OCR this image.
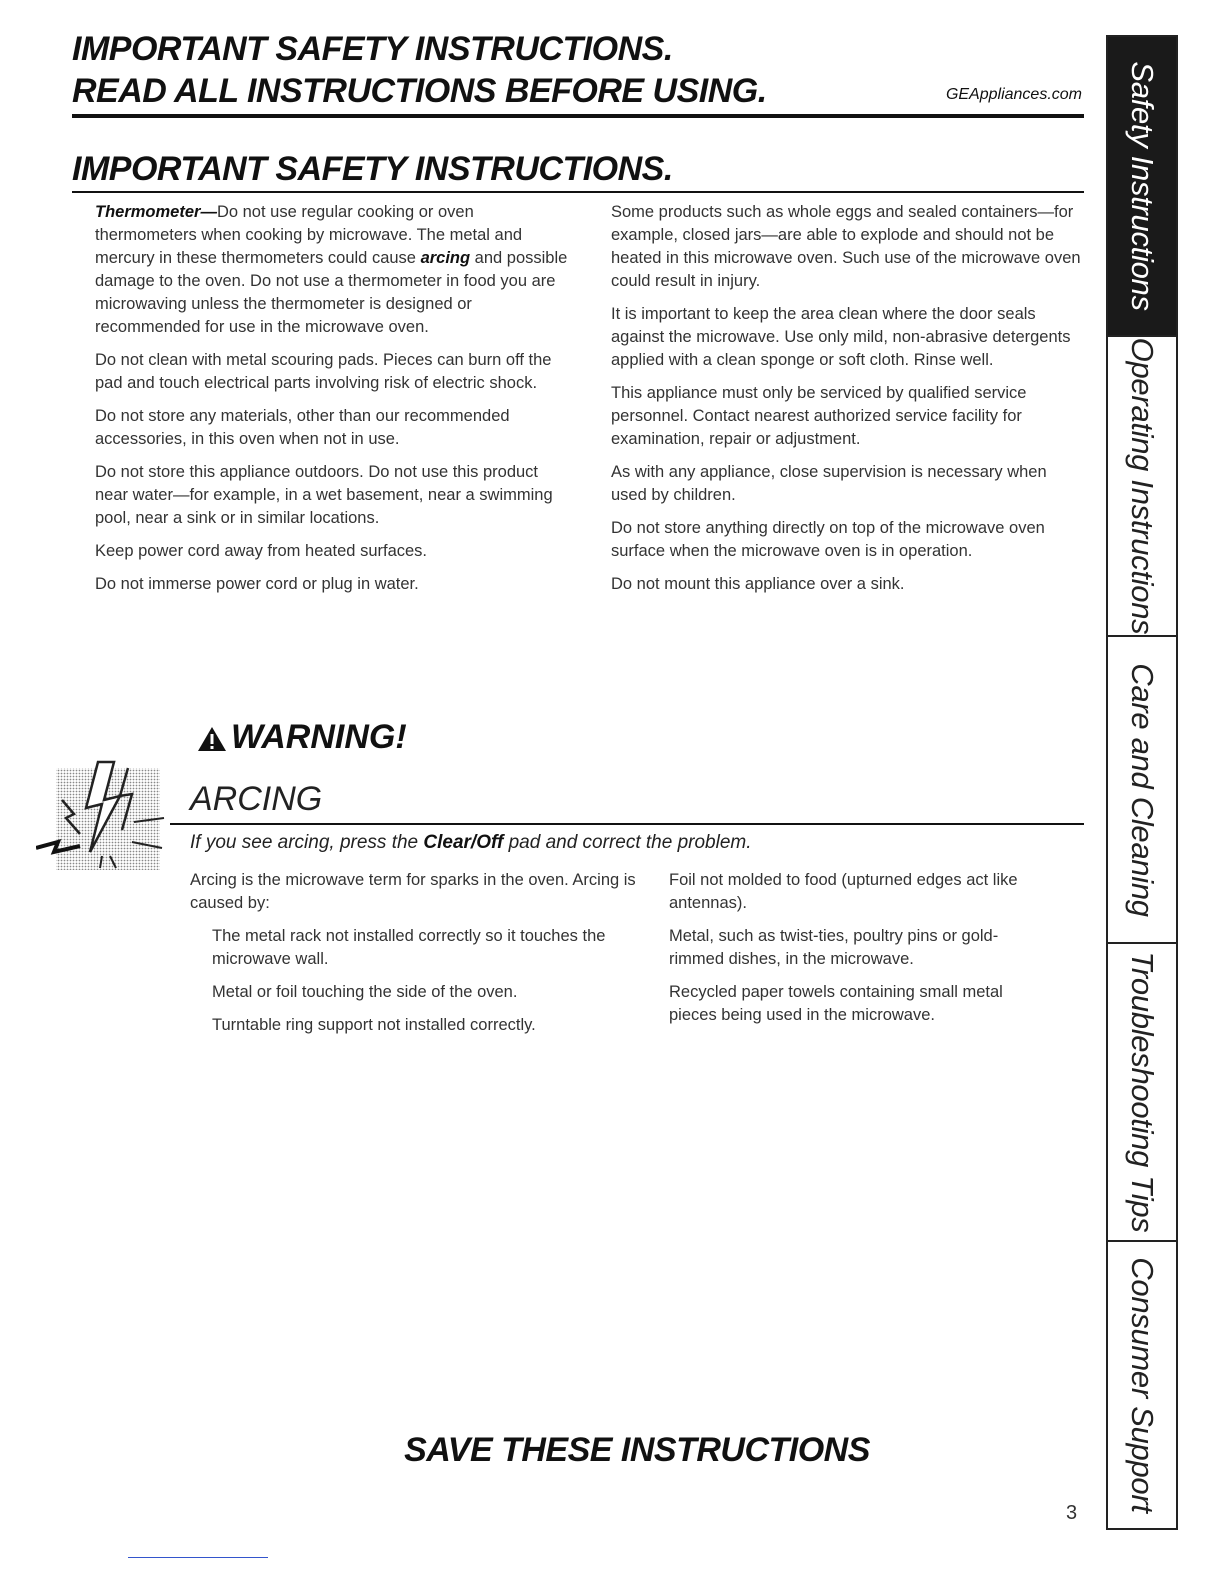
IMPORTANT SAFETY INSTRUCTIONS.
READ ALL INSTRUCTIONS BEFORE USING.	GEAppliances.com
IMPORTANT SAFETY INSTRUCTIONS.

Thermometer—Do not use regular cooking or oven thermometers when cooking by microwave. The metal and mercury in these thermometers could cause arcing and possible damage to the oven. Do not use a thermometer in food you are microwaving unless the thermometer is designed or recommended for use in the microwave oven.

Do not clean with metal scouring pads. Pieces can burn off the pad and touch electrical parts involving risk of electric shock.

Do not store any materials, other than our recommended accessories, in this oven when not in use.

Do not store this appliance outdoors. Do not use this product near water—for example, in a wet basement, near a swimming pool, near a sink or in similar locations.

Keep power cord away from heated surfaces.

Do not immerse power cord or plug in water.

Some products such as whole eggs and sealed containers—for example, closed jars—are able to explode and should not be heated in this microwave oven. Such use of the microwave oven could result in injury.

It is important to keep the area clean where the door seals against the microwave. Use only mild, non-abrasive detergents applied with a clean sponge or soft cloth. Rinse well.

This appliance must only be serviced by qualified service personnel. Contact nearest authorized service facility for examination, repair or adjustment.

As with any appliance, close supervision is necessary when used by children.

Do not store anything directly on top of the microwave oven surface when the microwave oven is in operation.

Do not mount this appliance over a sink.

WARNING!
ARCING
If you see arcing, press the Clear/Off pad and correct the problem.

Arcing is the microwave term for sparks in the oven. Arcing is caused by:

The metal rack not installed correctly so it touches the microwave wall.

Metal or foil touching the side of the oven.

Turntable ring support not installed correctly.

Foil not molded to food (upturned edges act like antennas).

Metal, such as twist-ties, poultry pins or gold-rimmed dishes, in the microwave.

Recycled paper towels containing small metal pieces being used in the microwave.

SAVE THESE INSTRUCTIONS
3
Safety Instructions
Operating Instructions
Care and Cleaning
Troubleshooting Tips
Consumer Support
